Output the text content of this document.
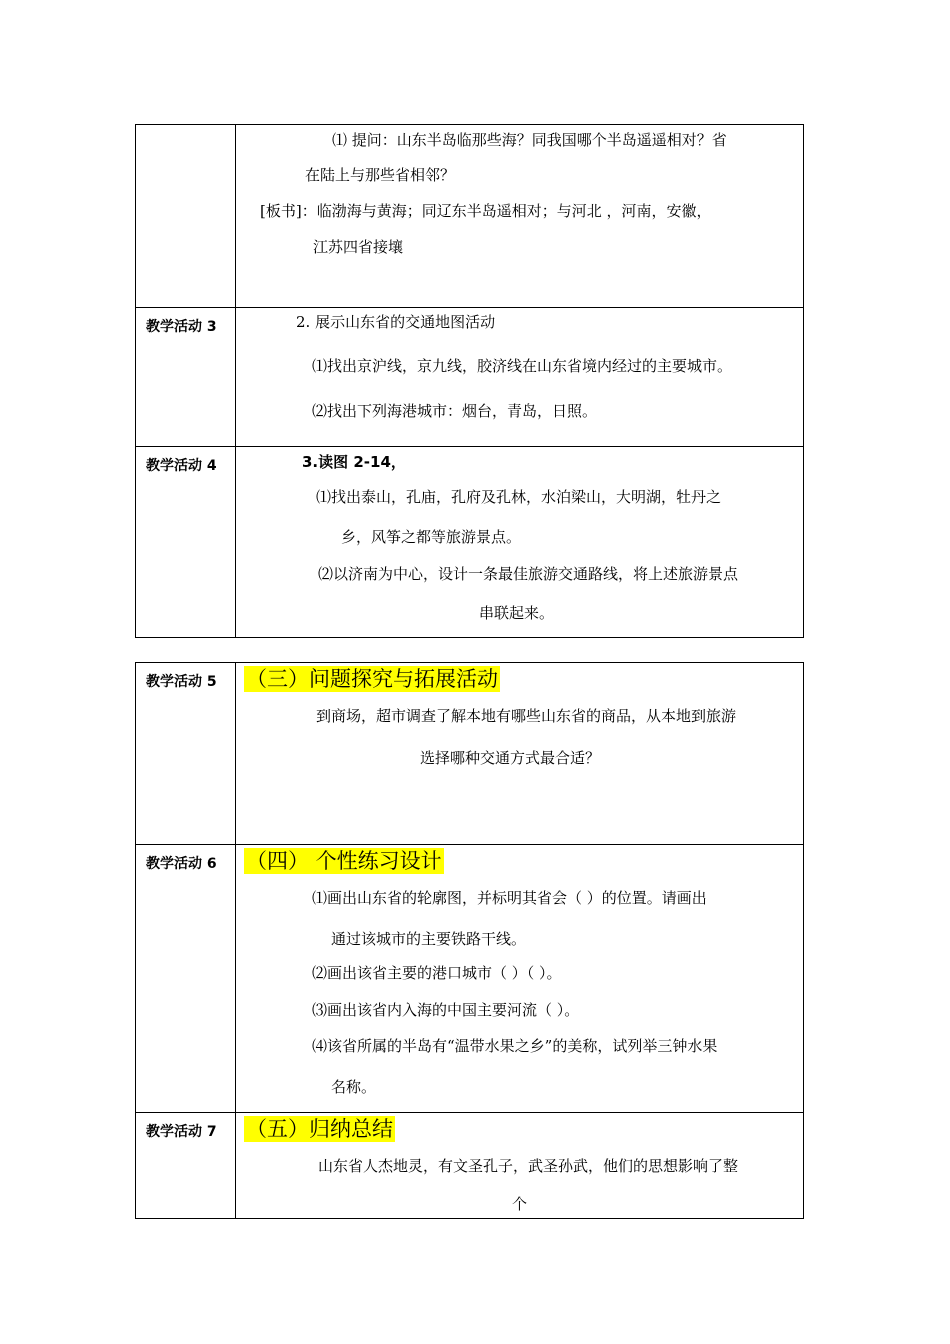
⑴ 提问：山东半岛临那些海？同我国哪个半岛遥遥相对？省
在陆上与那些省相邻？
[板书]：临渤海与黄海；同辽东半岛遥相对；与河北 ，河南，安徽，
江苏四省接壤
教学活动 3	2. 展示山东省的交通地图活动
⑴找出京沪线，京九线，胶济线在山东省境内经过的主要城市。
⑵找出下列海港城市：烟台，青岛，日照。
教学活动 4	3.读图 2-14，
⑴找出泰山，孔庙，孔府及孔林，水泊梁山，大明湖，牡丹之
乡，风筝之都等旅游景点。
⑵以济南为中心，设计一条最佳旅游交通路线，将上述旅游景点
串联起来。
教学活动 5	（三）问题探究与拓展活动
到商场，超市调查了解本地有哪些山东省的商品，从本地到旅游
选择哪种交通方式最合适？
教学活动 6	（四） 个性练习设计
⑴画出山东省的轮廓图，并标明其省会（ ）的位置。请画出
通过该城市的主要铁路干线。
⑵画出该省主要的港口城市（ ）（ ）。
⑶画出该省内入海的中国主要河流（ ）。
⑷该省所属的半岛有“温带水果之乡”的美称，试列举三钟水果
名称。
教学活动 7	（五）归纳总结
山东省人杰地灵，有文圣孔子，武圣孙武，他们的思想影响了整
个
